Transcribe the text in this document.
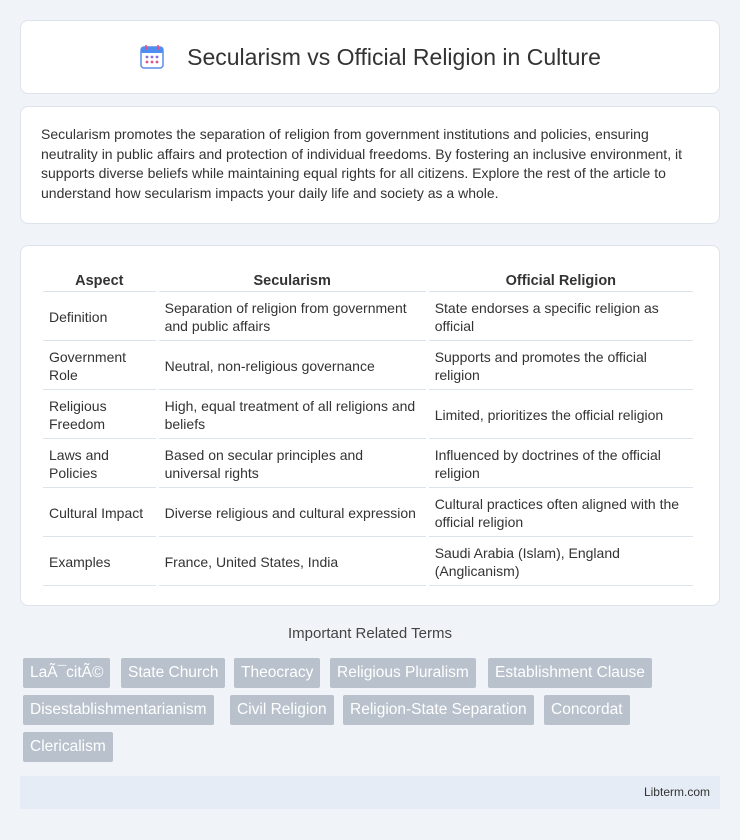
Secularism vs Official Religion in Culture

Secularism promotes the separation of religion from government institutions and policies, ensuring neutrality in public affairs and protection of individual freedoms. By fostering an inclusive environment, it supports diverse beliefs while maintaining equal rights for all citizens. Explore the rest of the article to understand how secularism impacts your daily life and society as a whole.

Aspect	Secularism	Official Religion
Definition	Separation of religion from government and public affairs	State endorses a specific religion as official
Government Role	Neutral, non-religious governance	Supports and promotes the official religion
Religious Freedom	High, equal treatment of all religions and beliefs	Limited, prioritizes the official religion
Laws and Policies	Based on secular principles and universal rights	Influenced by doctrines of the official religion
Cultural Impact	Diverse religious and cultural expression	Cultural practices often aligned with the official religion
Examples	France, United States, India	Saudi Arabia (Islam), England (Anglicanism)
Important Related Terms
LaÃ¯citÃ©	State Church	Theocracy	Religious Pluralism	Establishment Clause
Disestablishmentarianism	Civil Religion	Religion-State Separation	Concordat
Clericalism
Libterm.com
